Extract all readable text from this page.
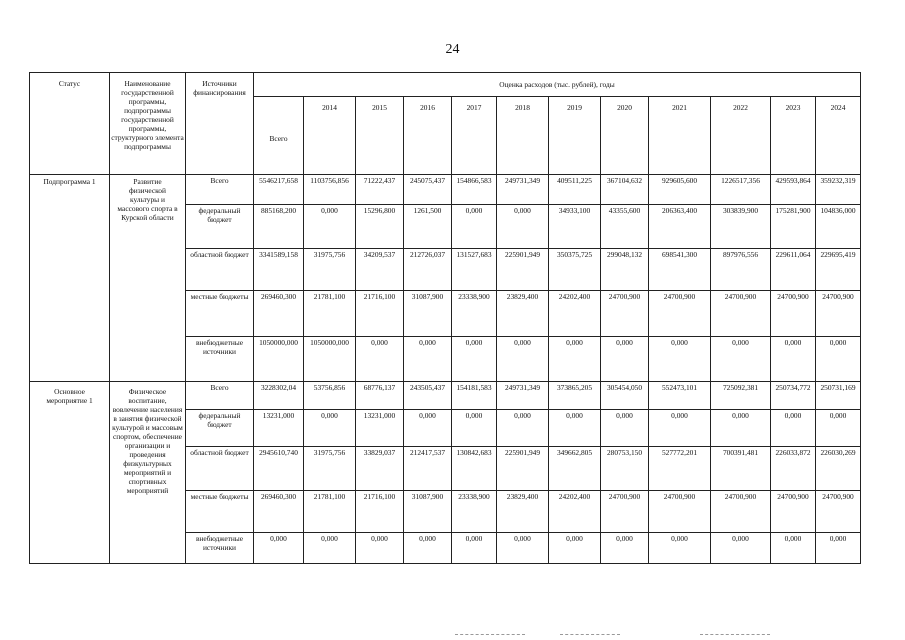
24
Статус	Наименование государственной программы, подпрограммы государственной программы, структурного элемента подпрограммы	Источники финансирования	Оценка расходов (тыс. рублей), годы											
			Всего	2014	2015	2016	2017	2018	2019	2020	2021	2022	2023	2024
Подпрограмма 1	Развитие физической культуры и массового спорта в Курской области	Всего	5546217,658	1103756,856	71222,437	245075,437	154866,583	249731,349	409511,225	367104,632	929605,600	1226517,356	429593,864	359232,319
		федеральный бюджет	885168,200	0,000	15296,800	1261,500	0,000	0,000	34933,100	43355,600	206363,400	303839,900	175281,900	104836,000
		областной бюджет	3341589,158	31975,756	34209,537	212726,037	131527,683	225901,949	350375,725	299048,132	698541,300	897976,556	229611,064	229695,419
		местные бюджеты	269460,300	21781,100	21716,100	31087,900	23338,900	23829,400	24202,400	24700,900	24700,900	24700,900	24700,900	24700,900
		внебюджетные источники	1050000,000	1050000,000	0,000	0,000	0,000	0,000	0,000	0,000	0,000	0,000	0,000	0,000
Основное мероприятие 1	Физическое воспитание, вовлечение населения в занятия физической культурой и массовым спортом, обеспечение организации и проведения физкультурных мероприятий и спортивных мероприятий	Всего	3228302,04	53756,856	68776,137	243505,437	154181,583	249731,349	373865,205	305454,050	552473,101	725092,381	250734,772	250731,169
		федеральный бюджет	13231,000	0,000	13231,000	0,000	0,000	0,000	0,000	0,000	0,000	0,000	0,000	0,000
		областной бюджет	2945610,740	31975,756	33829,037	212417,537	130842,683	225901,949	349662,805	280753,150	527772,201	700391,481	226033,872	226030,269
		местные бюджеты	269460,300	21781,100	21716,100	31087,900	23338,900	23829,400	24202,400	24700,900	24700,900	24700,900	24700,900	24700,900
		внебюджетные источники	0,000	0,000	0,000	0,000	0,000	0,000	0,000	0,000	0,000	0,000	0,000	0,000
